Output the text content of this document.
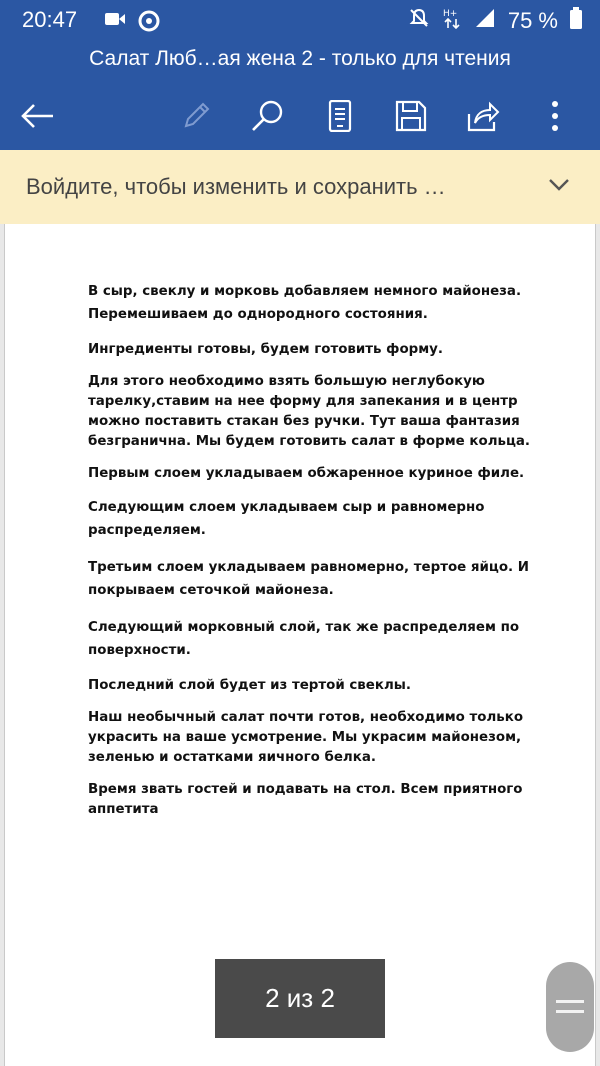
20:47	H+ 75 %
Салат Люб…ая жена 2 - только для чтения
Войдите, чтобы изменить и сохранить …

В сыр, свеклу и морковь добавляем немного майонеза. Перемешиваем до однородного состояния.

Ингредиенты готовы, будем готовить форму.

Для этого необходимо взять большую неглубокую тарелку,ставим на нее форму для запекания и в центр можно поставить стакан без ручки. Тут ваша фантазия безгранична. Мы будем готовить салат в форме кольца.

Первым слоем укладываем обжаренное куриное филе.

Следующим слоем укладываем сыр и равномерно распределяем.

Третьим слоем укладываем равномерно, тертое яйцо. И покрываем сеточкой майонеза.

Следующий морковный слой, так же распределяем по поверхности.

Последний слой будет из тертой свеклы.

Наш необычный салат почти готов, необходимо только украсить на ваше усмотрение. Мы украсим майонезом, зеленью и остатками яичного белка.

Время звать гостей и подавать на стол. Всем приятного аппетита

2 из 2
